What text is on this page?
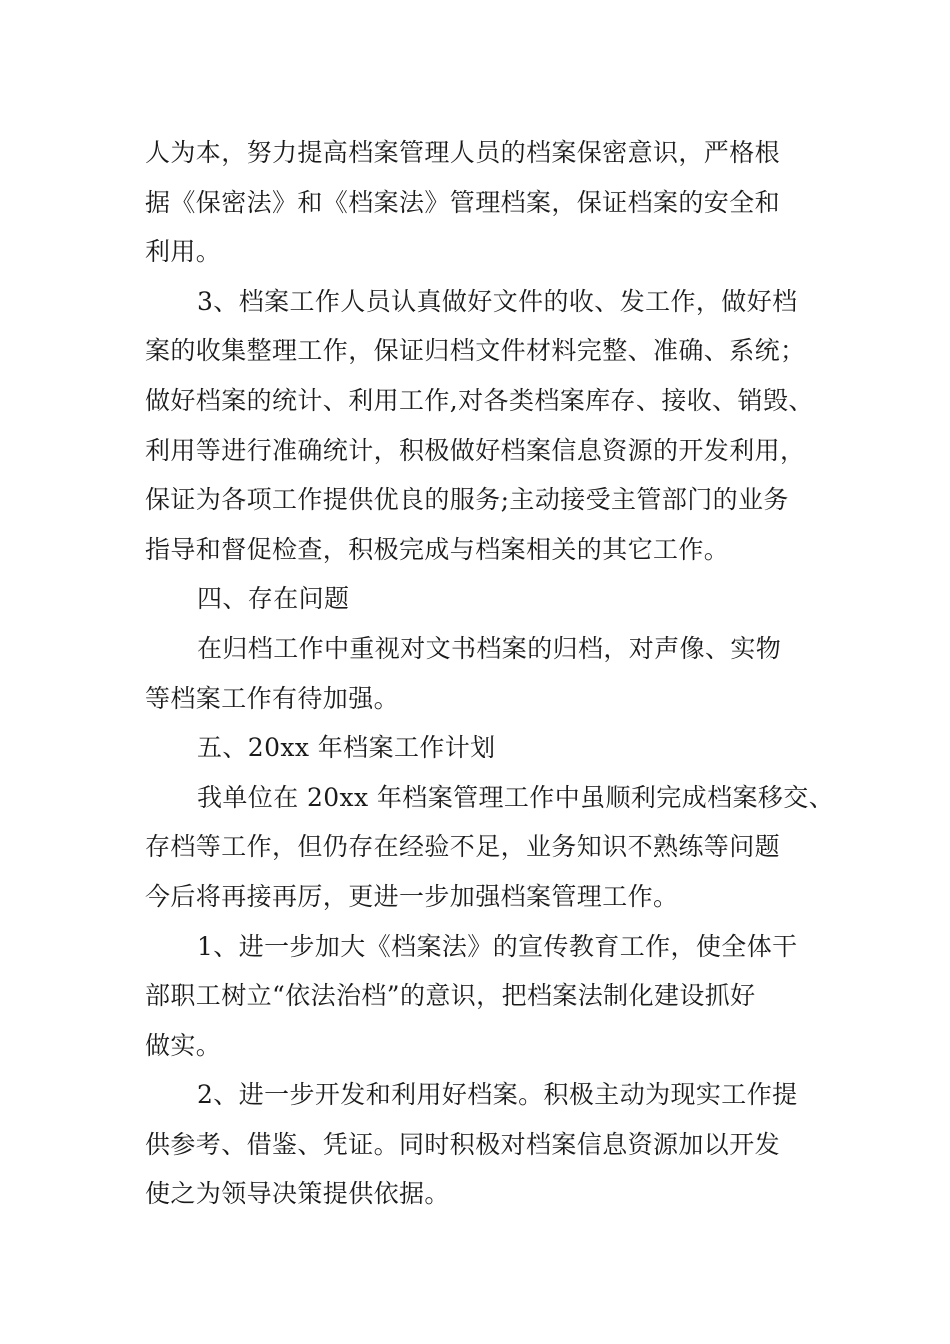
人为本，努力提高档案管理人员的档案保密意识，严格根
据《保密法》和《档案法》管理档案，保证档案的安全和
利用。
3、档案工作人员认真做好文件的收、发工作，做好档
案的收集整理工作，保证归档文件材料完整、准确、系统；
做好档案的统计、利用工作,对各类档案库存、接收、销毁、
利用等进行准确统计，积极做好档案信息资源的开发利用，
保证为各项工作提供优良的服务;主动接受主管部门的业务
指导和督促检查，积极完成与档案相关的其它工作。
四、存在问题
在归档工作中重视对文书档案的归档，对声像、实物
等档案工作有待加强。
五、20xx 年档案工作计划
我单位在 20xx 年档案管理工作中虽顺利完成档案移交、
存档等工作，但仍存在经验不足，业务知识不熟练等问题
今后将再接再厉，更进一步加强档案管理工作。
1、进一步加大《档案法》的宣传教育工作，使全体干
部职工树立“依法治档”的意识，把档案法制化建设抓好
做实。
2、进一步开发和利用好档案。积极主动为现实工作提
供参考、借鉴、凭证。同时积极对档案信息资源加以开发
使之为领导决策提供依据。
